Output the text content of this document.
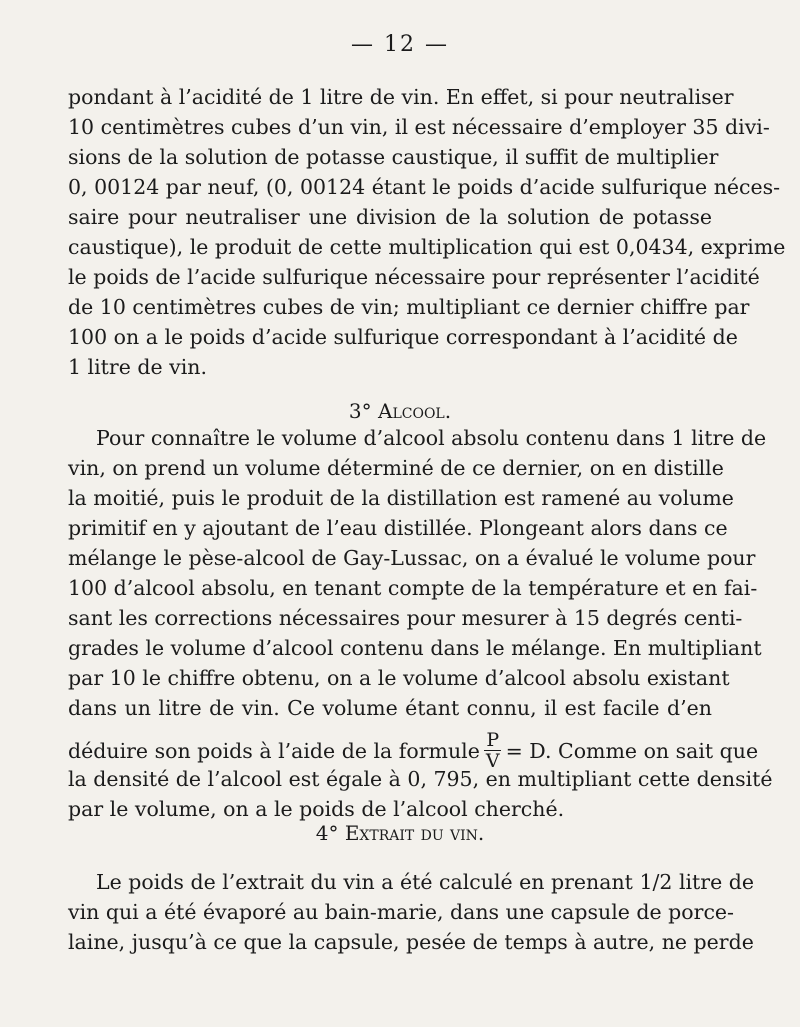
— 12 —
pondant à l’acidité de 1 litre de vin. En effet, si pour neutraliser
10 centimètres cubes d’un vin, il est nécessaire d’employer 35 divi-
sions de la solution de potasse caustique, il suffit de multiplier
0, 00124 par neuf, (0, 00124 étant le poids d’acide sulfurique néces-
saire pour neutraliser une division de la solution de potasse
caustique), le produit de cette multiplication qui est 0,0434, exprime
le poids de l’acide sulfurique nécessaire pour représenter l’acidité
de 10 centimètres cubes de vin; multipliant ce dernier chiffre par
100 on a le poids d’acide sulfurique correspondant à l’acidité de
1 litre de vin.
3° Alcool.
Pour connaître le volume d’alcool absolu contenu dans 1 litre de
vin, on prend un volume déterminé de ce dernier, on en distille
la moitié, puis le produit de la distillation est ramené au volume
primitif en y ajoutant de l’eau distillée. Plongeant alors dans ce
mélange le pèse-alcool de Gay-Lussac, on a évalué le volume pour
100 d’alcool absolu, en tenant compte de la température et en fai-
sant les corrections nécessaires pour mesurer à 15 degrés centi-
grades le volume d’alcool contenu dans le mélange. En multipliant
par 10 le chiffre obtenu, on a le volume d’alcool absolu existant
dans un litre de vin. Ce volume étant connu, il est facile d’en
déduire son poids à l’aide de la formule $\frac{P}{V} = D$. Comme on sait que
la densité de l’alcool est égale à 0, 795, en multipliant cette densité
par le volume, on a le poids de l’alcool cherché.
4° Extrait du vin.
Le poids de l’extrait du vin a été calculé en prenant 1/2 litre de
vin qui a été évaporé au bain-marie, dans une capsule de porce-
laine, jusqu’à ce que la capsule, pesée de temps à autre, ne perde
